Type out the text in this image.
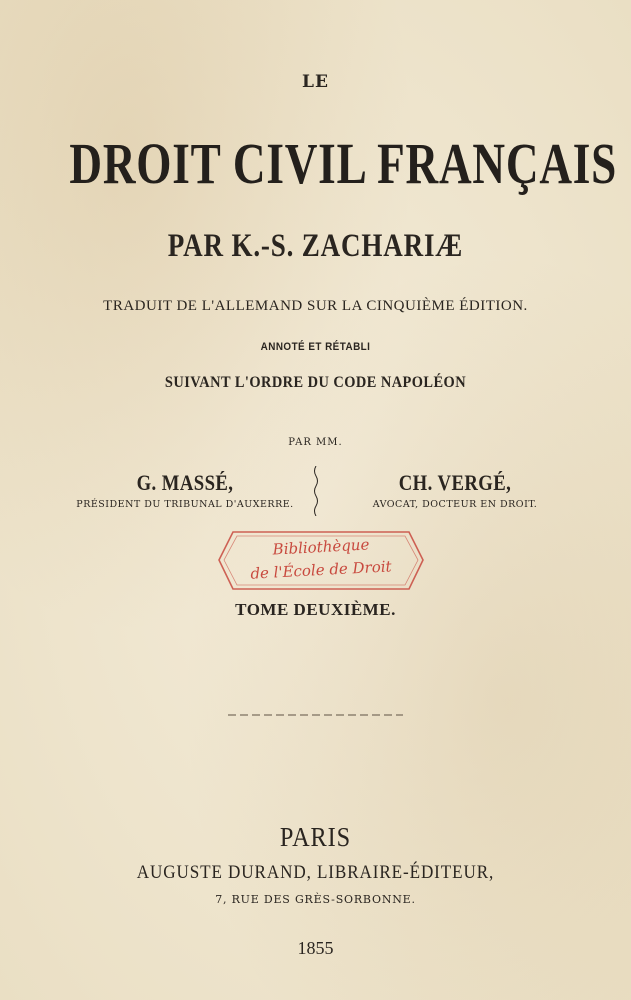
LE
DROIT CIVIL FRANÇAIS
PAR K.-S. ZACHARIÆ
TRADUIT DE L'ALLEMAND SUR LA CINQUIÈME ÉDITION.
ANNOTÉ ET RÉTABLI
SUIVANT L'ORDRE DU CODE NAPOLÉON
PAR MM.
G. MASSÉ,
PRÉSIDENT DU TRIBUNAL D'AUXERRE.
CH. VERGÉ,
AVOCAT, DOCTEUR EN DROIT.
Bibliothèque
de l'École de Droit
TOME DEUXIÈME.
PARIS
AUGUSTE DURAND, LIBRAIRE-ÉDITEUR,
7, RUE DES GRÈS-SORBONNE.
1855
